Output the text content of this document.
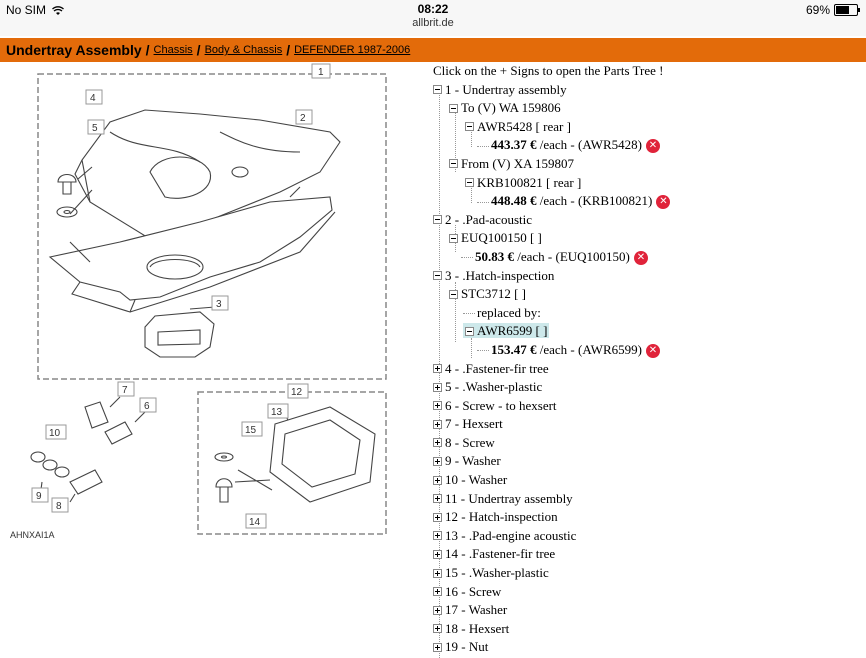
No SIM	08:22
allbrit.de
69%
Undertray Assembly / Chassis / Body & Chassis / DEFENDER 1987-2006
1
2
3
4
5
6
7
8
9
10
12
13
14
15
AHNXAI1A
Click on the + Signs to open the Parts Tree !
1 - Undertray assembly
To (V) WA 159806
AWR5428 [ rear ]
443.37 € /each - (AWR5428) ✕
From (V) XA 159807
KRB100821 [ rear ]
448.48 € /each - (KRB100821) ✕
2 - .Pad-acoustic
EUQ100150 [ ]
50.83 € /each - (EUQ100150) ✕
3 - .Hatch-inspection
STC3712 [ ]
replaced by:
AWR6599 [ ]
153.47 € /each - (AWR6599) ✕
4 - .Fastener-fir tree
5 - .Washer-plastic
6 - Screw - to hexsert
7 - Hexsert
8 - Screw
9 - Washer
10 - Washer
11 - Undertray assembly
12 - Hatch-inspection
13 - .Pad-engine acoustic
14 - .Fastener-fir tree
15 - .Washer-plastic
16 - Screw
17 - Washer
18 - Hexsert
19 - Nut
